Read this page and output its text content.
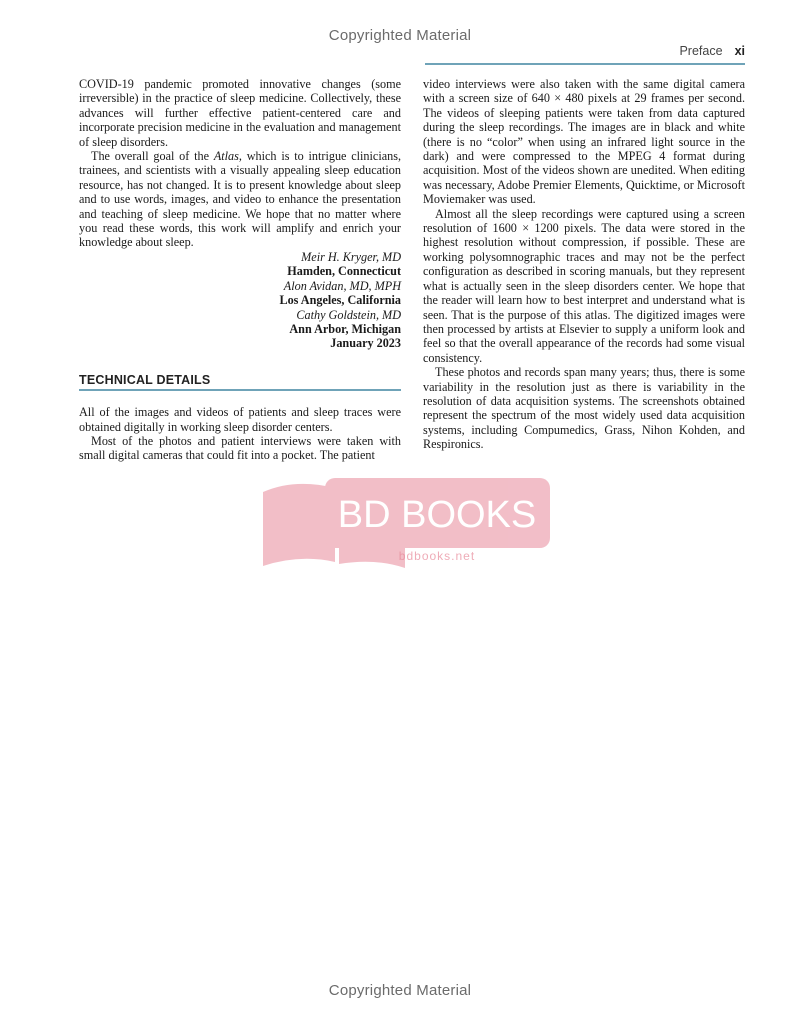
Copyrighted Material
Preface xi

COVID-19 pandemic promoted innovative changes (some irreversible) in the practice of sleep medicine. Collectively, these advances will further effective patient-centered care and incorporate precision medicine in the evaluation and management of sleep disorders.

The overall goal of the Atlas, which is to intrigue clinicians, trainees, and scientists with a visually appealing sleep education resource, has not changed. It is to present knowledge about sleep and to use words, images, and video to enhance the presentation and teaching of sleep medicine. We hope that no matter where you read these words, this work will amplify and enrich your knowledge about sleep.

Meir H. Kryger, MD
Hamden, Connecticut
Alon Avidan, MD, MPH
Los Angeles, California
Cathy Goldstein, MD
Ann Arbor, Michigan
January 2023
TECHNICAL DETAILS

All of the images and videos of patients and sleep traces were obtained digitally in working sleep disorder centers.

Most of the photos and patient interviews were taken with small digital cameras that could fit into a pocket. The patient

video interviews were also taken with the same digital camera with a screen size of 640 × 480 pixels at 29 frames per second. The videos of sleeping patients were taken from data captured during the sleep recordings. The images are in black and white (there is no “color” when using an infrared light source in the dark) and were compressed to the MPEG 4 format during acquisition. Most of the videos shown are unedited. When editing was necessary, Adobe Premier Elements, Quicktime, or Microsoft Moviemaker was used.

Almost all the sleep recordings were captured using a screen resolution of 1600 × 1200 pixels. The data were stored in the highest resolution without compression, if possible. These are working polysomnographic traces and may not be the perfect configuration as described in scoring manuals, but they represent what is actually seen in the sleep disorders center. We hope that the reader will learn how to best interpret and understand what is seen. That is the purpose of this atlas. The digitized images were then processed by artists at Elsevier to supply a uniform look and feel so that the overall appearance of the records had some visual consistency.

These photos and records span many years; thus, there is some variability in the resolution just as there is variability in the resolution of data acquisition systems. The screenshots obtained represent the spectrum of the most widely used data acquisition systems, including Compumedics, Grass, Nihon Kohden, and Respironics.

BD BOOKS
bdbooks.net
Copyrighted Material
